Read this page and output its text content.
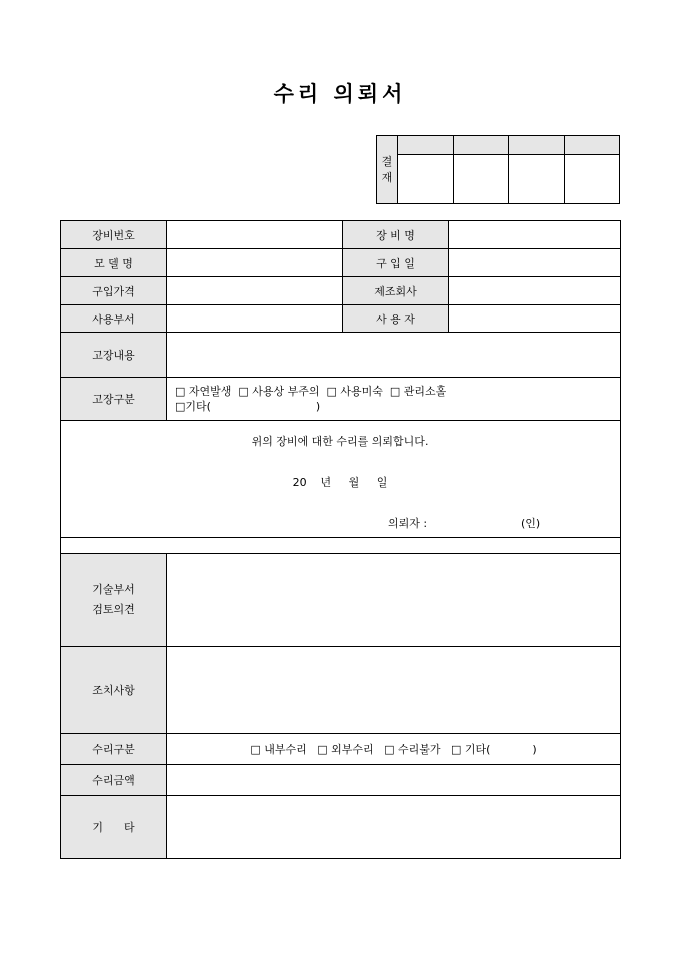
수리 의뢰서
결
재				

장비번호		장 비 명	
모 델 명		구 입 일	
구입가격		제조회사	
사용부서		사 용 자	
고장내용			
고장구분	□ 자연발생  □ 사용상 부주의  □ 사용미숙  □ 관리소홀
□기타(                              )		

위의 장비에 대한 수리를 의뢰합니다.
20    년     월     일
의뢰자 : (인)			

기술부서
검토의견			
조치사항			
수리구분	□ 내부수리   □ 외부수리   □ 수리불가   □ 기타(            )		
수리금액			
기      타			
